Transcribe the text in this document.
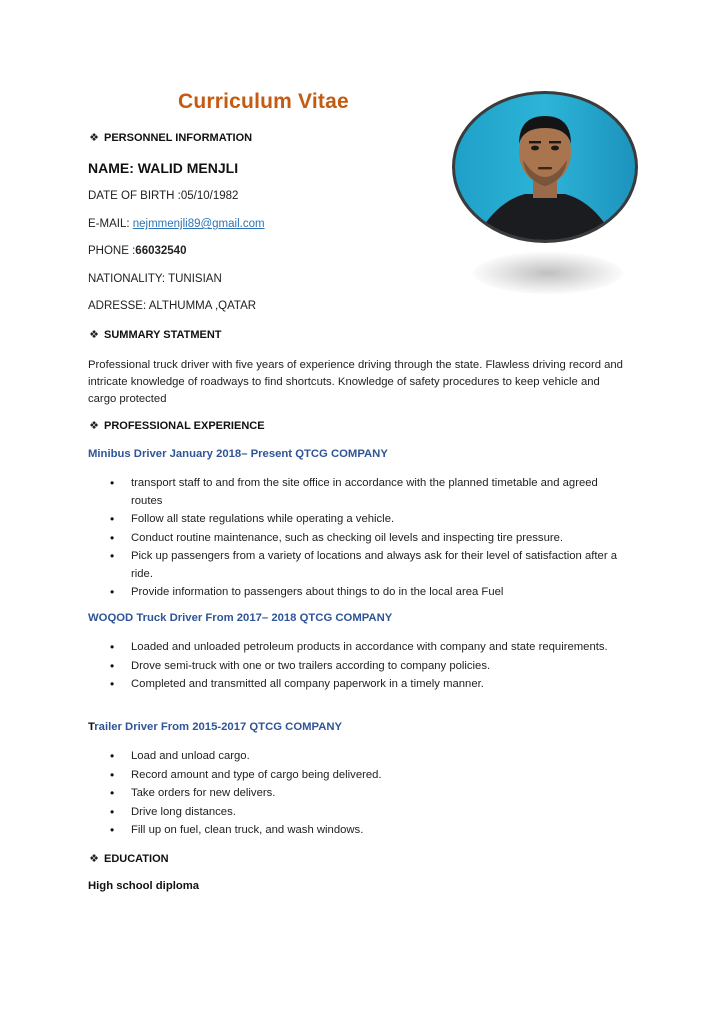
Curriculum Vitae
❖ PERSONNEL INFORMATION
NAME: WALID MENJLI
DATE OF BIRTH :05/10/1982
E-MAIL: nejmmenjli89@gmail.com
PHONE :66032540
NATIONALITY: TUNISIAN
ADRESSE: ALTHUMMA ,QATAR
❖ SUMMARY STATMENT
Professional truck driver with five years of experience driving through the state. Flawless driving record and intricate knowledge of roadways to find shortcuts. Knowledge of safety procedures to keep vehicle and cargo protected
❖ PROFESSIONAL EXPERIENCE
Minibus Driver January 2018– Present QTCG COMPANY
• transport staff to and from the site office in accordance with the planned timetable and agreed routes
• Follow all state regulations while operating a vehicle.
• Conduct routine maintenance, such as checking oil levels and inspecting tire pressure.
• Pick up passengers from a variety of locations and always ask for their level of satisfaction after a ride.
• Provide information to passengers about things to do in the local area Fuel
WOQOD Truck Driver From 2017– 2018 QTCG COMPANY
• Loaded and unloaded petroleum products in accordance with company and state requirements.
• Drove semi-truck with one or two trailers according to company policies.
• Completed and transmitted all company paperwork in a timely manner.
Trailer Driver From 2015-2017 QTCG COMPANY
• Load and unload cargo.
• Record amount and type of cargo being delivered.
• Take orders for new delivers.
• Drive long distances.
• Fill up on fuel, clean truck, and wash windows.
❖ EDUCATION
High school diploma
